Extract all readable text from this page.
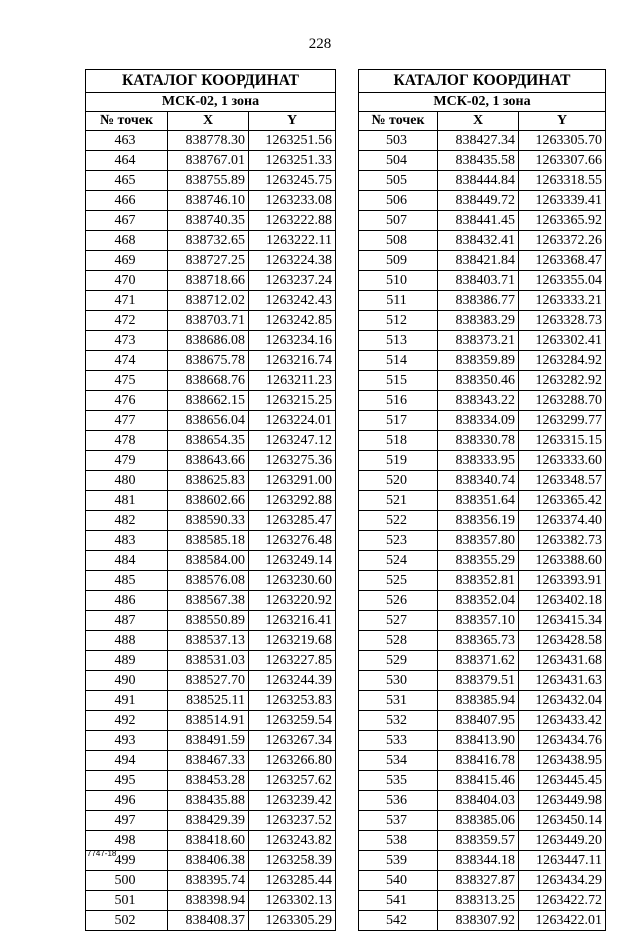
228
КАТАЛОГ КООРДИНАТ		
МСК-02, 1 зона		
№ точек	X	Y
463	838778.30	1263251.56
464	838767.01	1263251.33
465	838755.89	1263245.75
466	838746.10	1263233.08
467	838740.35	1263222.88
468	838732.65	1263222.11
469	838727.25	1263224.38
470	838718.66	1263237.24
471	838712.02	1263242.43
472	838703.71	1263242.85
473	838686.08	1263234.16
474	838675.78	1263216.74
475	838668.76	1263211.23
476	838662.15	1263215.25
477	838656.04	1263224.01
478	838654.35	1263247.12
479	838643.66	1263275.36
480	838625.83	1263291.00
481	838602.66	1263292.88
482	838590.33	1263285.47
483	838585.18	1263276.48
484	838584.00	1263249.14
485	838576.08	1263230.60
486	838567.38	1263220.92
487	838550.89	1263216.41
488	838537.13	1263219.68
489	838531.03	1263227.85
490	838527.70	1263244.39
491	838525.11	1263253.83
492	838514.91	1263259.54
493	838491.59	1263267.34
494	838467.33	1263266.80
495	838453.28	1263257.62
496	838435.88	1263239.42
497	838429.39	1263237.52
498	838418.60	1263243.82
499	838406.38	1263258.39
500	838395.74	1263285.44
501	838398.94	1263302.13
502	838408.37	1263305.29
КАТАЛОГ КООРДИНАТ		
МСК-02, 1 зона		
№ точек	X	Y
503	838427.34	1263305.70
504	838435.58	1263307.66
505	838444.84	1263318.55
506	838449.72	1263339.41
507	838441.45	1263365.92
508	838432.41	1263372.26
509	838421.84	1263368.47
510	838403.71	1263355.04
511	838386.77	1263333.21
512	838383.29	1263328.73
513	838373.21	1263302.41
514	838359.89	1263284.92
515	838350.46	1263282.92
516	838343.22	1263288.70
517	838334.09	1263299.77
518	838330.78	1263315.15
519	838333.95	1263333.60
520	838340.74	1263348.57
521	838351.64	1263365.42
522	838356.19	1263374.40
523	838357.80	1263382.73
524	838355.29	1263388.60
525	838352.81	1263393.91
526	838352.04	1263402.18
527	838357.10	1263415.34
528	838365.73	1263428.58
529	838371.62	1263431.68
530	838379.51	1263431.63
531	838385.94	1263432.04
532	838407.95	1263433.42
533	838413.90	1263434.76
534	838416.78	1263438.95
535	838415.46	1263445.45
536	838404.03	1263449.98
537	838385.06	1263450.14
538	838359.57	1263449.20
539	838344.18	1263447.11
540	838327.87	1263434.29
541	838313.25	1263422.72
542	838307.92	1263422.01
7747-18
